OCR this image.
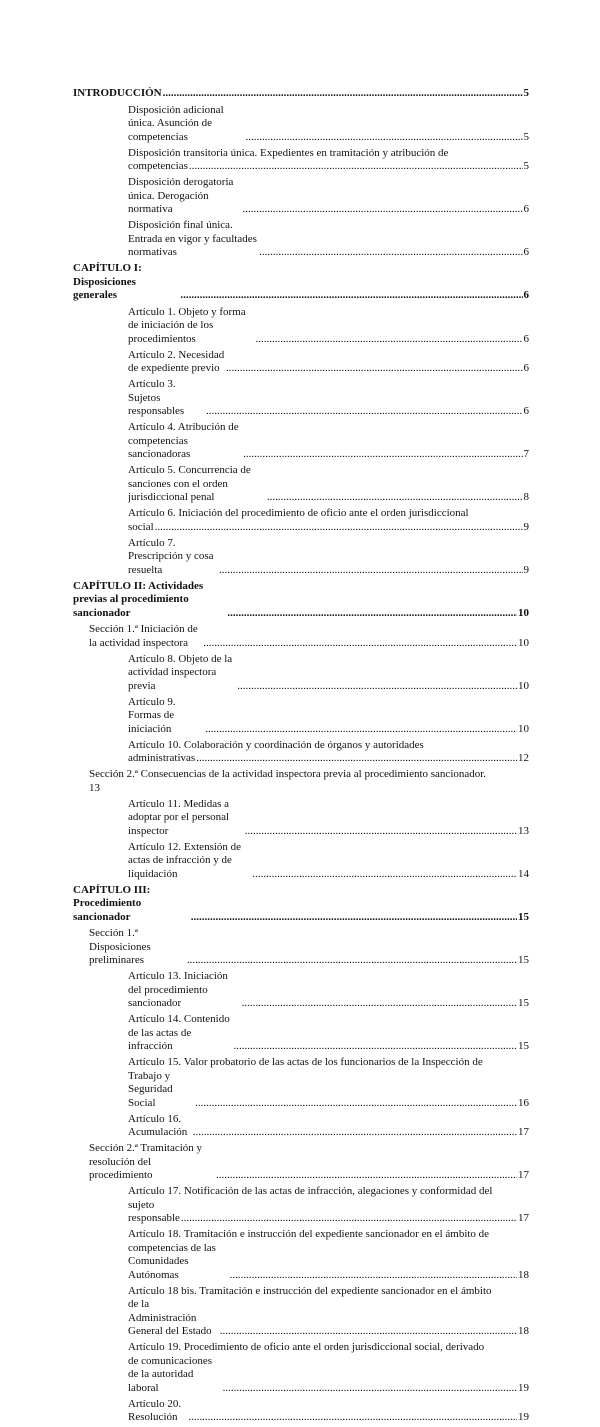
INTRODUCCIÓN .....	5
Disposición adicional única. Asunción de competencias .....	5
Disposición transitoria única. Expedientes en tramitación y atribución de
competencias .....	5
Disposición derogatoria única. Derogación normativa .....	6
Disposición final única. Entrada en vigor y facultades normativas .....	6
CAPÍTULO I: Disposiciones generales .....	6
Artículo 1. Objeto y forma de iniciación de los procedimientos .....	6
Artículo 2. Necesidad de expediente previo .....	6
Artículo 3. Sujetos responsables .....	6
Artículo 4. Atribución de competencias sancionadoras .....	7
Artículo 5. Concurrencia de sanciones con el orden jurisdiccional penal .....	8
Artículo 6. Iniciación del procedimiento de oficio ante el orden jurisdiccional
social .....	9
Artículo 7. Prescripción y cosa resuelta .....	9
CAPÍTULO II: Actividades previas al procedimiento sancionador .....	10
Sección 1.ª Iniciación de la actividad inspectora .....	10
Artículo 8. Objeto de la actividad inspectora previa .....	10
Artículo 9. Formas de iniciación .....	10
Artículo 10. Colaboración y coordinación de órganos y autoridades
administrativas .....	12
Sección 2.ª Consecuencias de la actividad inspectora previa al procedimiento sancionador.
13
Artículo 11. Medidas a adoptar por el personal inspector .....	13
Artículo 12. Extensión de actas de infracción y de liquidación .....	14
CAPÍTULO III: Procedimiento sancionador .....	15
Sección 1.ª Disposiciones preliminares .....	15
Artículo 13. Iniciación del procedimiento sancionador .....	15
Artículo 14. Contenido de las actas de infracción .....	15
Artículo 15. Valor probatorio de las actas de los funcionarios de la Inspección de
Trabajo y Seguridad Social .....	16
Artículo 16. Acumulación .....	17
Sección 2.ª Tramitación y resolución del procedimiento .....	17
Artículo 17. Notificación de las actas de infracción, alegaciones y conformidad del
sujeto responsable .....	17
Artículo 18. Tramitación e instrucción del expediente sancionador en el ámbito de
competencias de las Comunidades Autónomas .....	18
Artículo 18 bis. Tramitación e instrucción del expediente sancionador en el ámbito
de la Administración General del Estado .....	18
Artículo 19. Procedimiento de oficio ante el orden jurisdiccional social, derivado
de comunicaciones de la autoridad laboral .....	19
Artículo 20. Resolución .....	19
